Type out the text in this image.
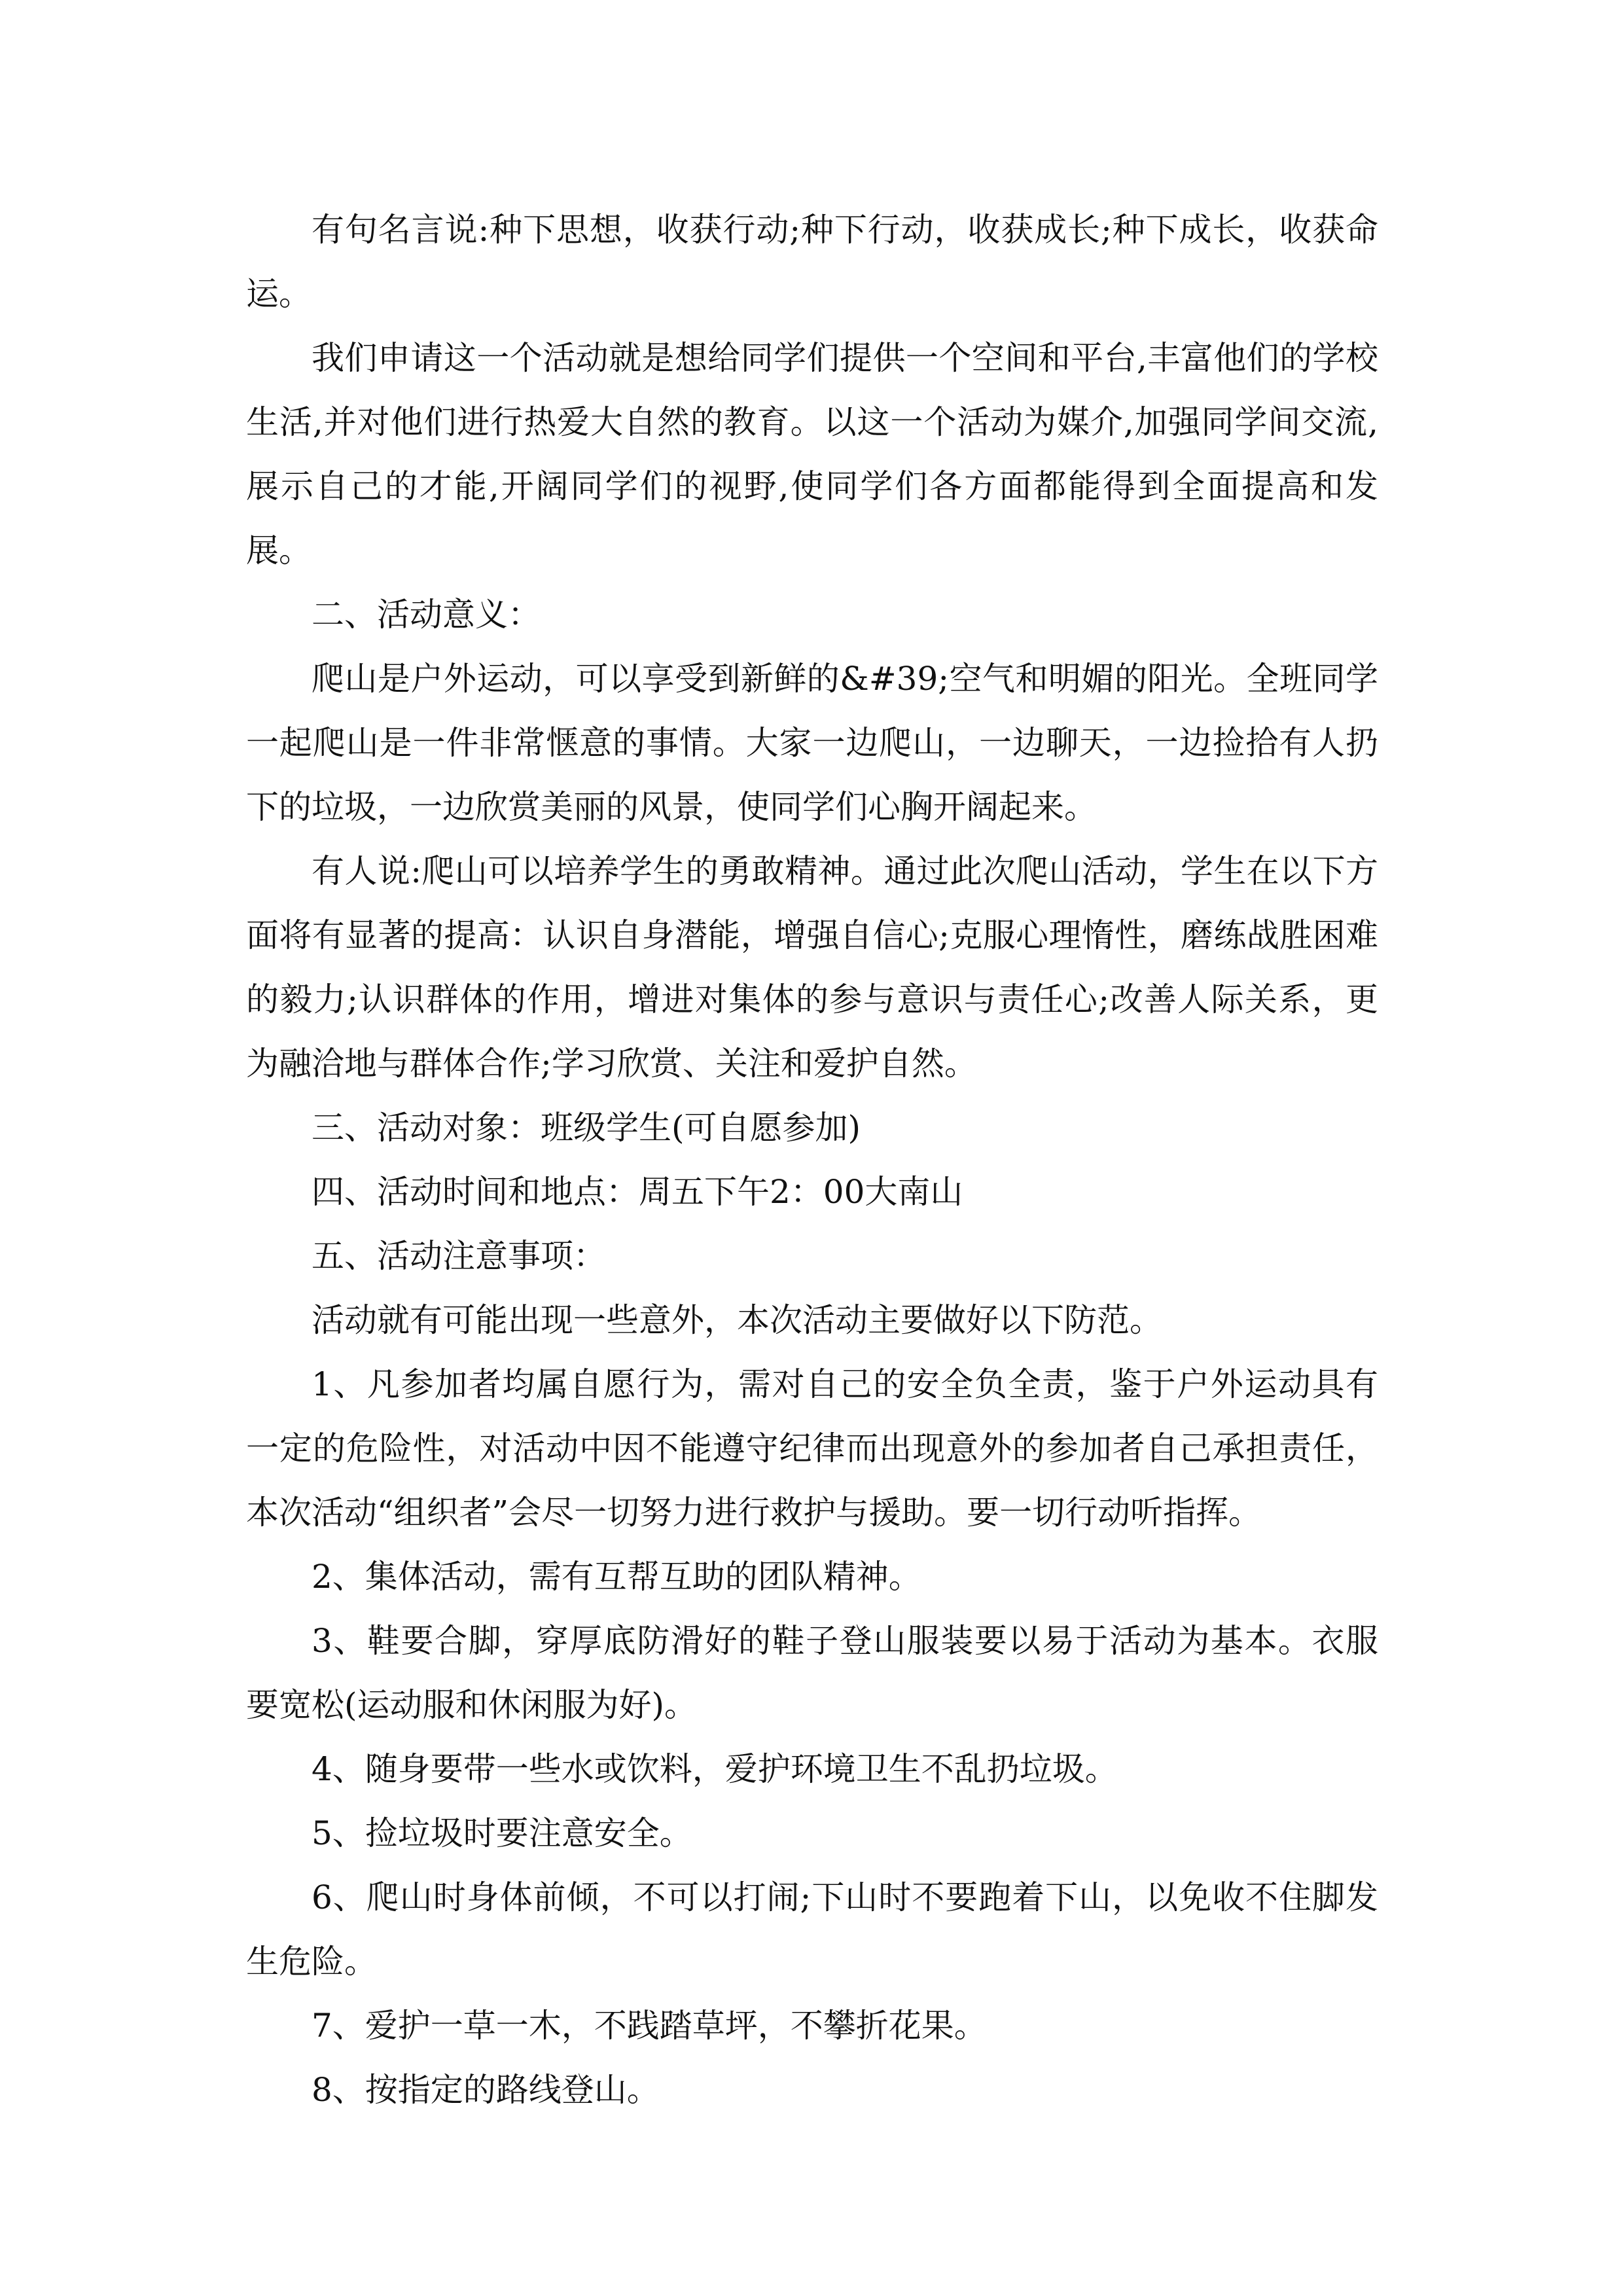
有句名言说:种下思想，收获行动;种下行动，收获成长;种下成长，收获命运。

我们申请这一个活动就是想给同学们提供一个空间和平台,丰富他们的学校生活,并对他们进行热爱大自然的教育。以这一个活动为媒介,加强同学间交流,展示自己的才能,开阔同学们的视野,使同学们各方面都能得到全面提高和发展。

二、活动意义：

爬山是户外运动，可以享受到新鲜的&#39;空气和明媚的阳光。全班同学一起爬山是一件非常惬意的事情。大家一边爬山，一边聊天，一边捡拾有人扔下的垃圾，一边欣赏美丽的风景，使同学们心胸开阔起来。

有人说:爬山可以培养学生的勇敢精神。通过此次爬山活动，学生在以下方面将有显著的提高：认识自身潜能，增强自信心;克服心理惰性，磨练战胜困难的毅力;认识群体的作用，增进对集体的参与意识与责任心;改善人际关系，更为融洽地与群体合作;学习欣赏、关注和爱护自然。

三、活动对象：班级学生(可自愿参加)

四、活动时间和地点：周五下午2：00大南山

五、活动注意事项：

活动就有可能出现一些意外，本次活动主要做好以下防范。

1、凡参加者均属自愿行为，需对自己的安全负全责，鉴于户外运动具有一定的危险性，对活动中因不能遵守纪律而出现意外的参加者自己承担责任，本次活动“组织者”会尽一切努力进行救护与援助。要一切行动听指挥。

2、集体活动，需有互帮互助的团队精神。

3、鞋要合脚，穿厚底防滑好的鞋子登山服装要以易于活动为基本。衣服要宽松(运动服和休闲服为好)。

4、随身要带一些水或饮料，爱护环境卫生不乱扔垃圾。

5、捡垃圾时要注意安全。

6、爬山时身体前倾，不可以打闹;下山时不要跑着下山，以免收不住脚发生危险。

7、爱护一草一木，不践踏草坪，不攀折花果。

8、按指定的路线登山。
